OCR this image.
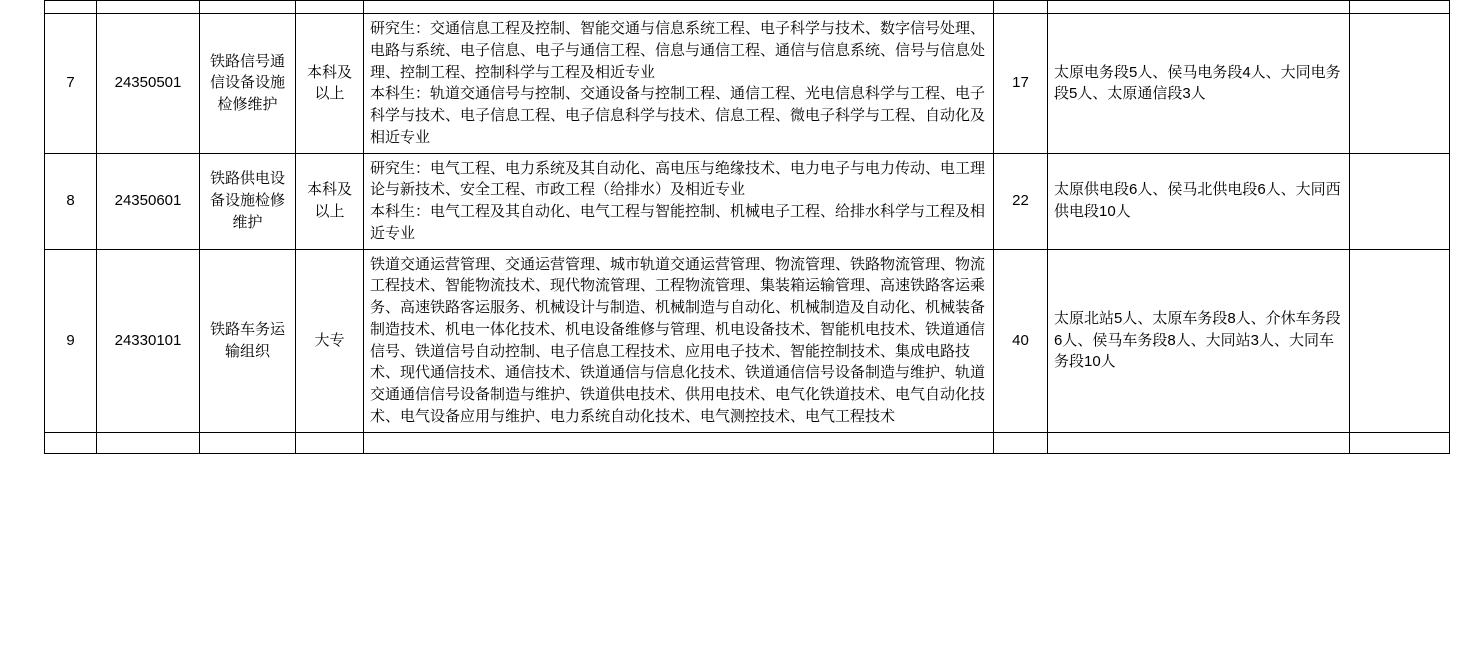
7	24350501	铁路信号通信设备设施检修维护	本科及以上	研究生：交通信息工程及控制、智能交通与信息系统工程、电子科学与技术、数字信号处理、电路与系统、电子信息、电子与通信工程、信息与通信工程、通信与信息系统、信号与信息处理、控制工程、控制科学与工程及相近专业
本科生：轨道交通信号与控制、交通设备与控制工程、通信工程、光电信息科学与工程、电子科学与技术、电子信息工程、电子信息科学与技术、信息工程、微电子科学与工程、自动化及相近专业	17	太原电务段5人、侯马电务段4人、大同电务段5人、太原通信段3人	
8	24350601	铁路供电设备设施检修维护	本科及以上	研究生：电气工程、电力系统及其自动化、高电压与绝缘技术、电力电子与电力传动、电工理论与新技术、安全工程、市政工程（给排水）及相近专业
本科生：电气工程及其自动化、电气工程与智能控制、机械电子工程、给排水科学与工程及相近专业	22	太原供电段6人、侯马北供电段6人、大同西供电段10人	
9	24330101	铁路车务运输组织	大专	铁道交通运营管理、交通运营管理、城市轨道交通运营管理、物流管理、铁路物流管理、物流工程技术、智能物流技术、现代物流管理、工程物流管理、集装箱运输管理、高速铁路客运乘务、高速铁路客运服务、机械设计与制造、机械制造与自动化、机械制造及自动化、机械装备制造技术、机电一体化技术、机电设备维修与管理、机电设备技术、智能机电技术、铁道通信信号、铁道信号自动控制、电子信息工程技术、应用电子技术、智能控制技术、集成电路技术、现代通信技术、通信技术、铁道通信与信息化技术、铁道通信信号设备制造与维护、轨道交通通信信号设备制造与维护、铁道供电技术、供用电技术、电气化铁道技术、电气自动化技术、电气设备应用与维护、电力系统自动化技术、电气测控技术、电气工程技术	40	太原北站5人、太原车务段8人、介休车务段6人、侯马车务段8人、大同站3人、大同车务段10人	
